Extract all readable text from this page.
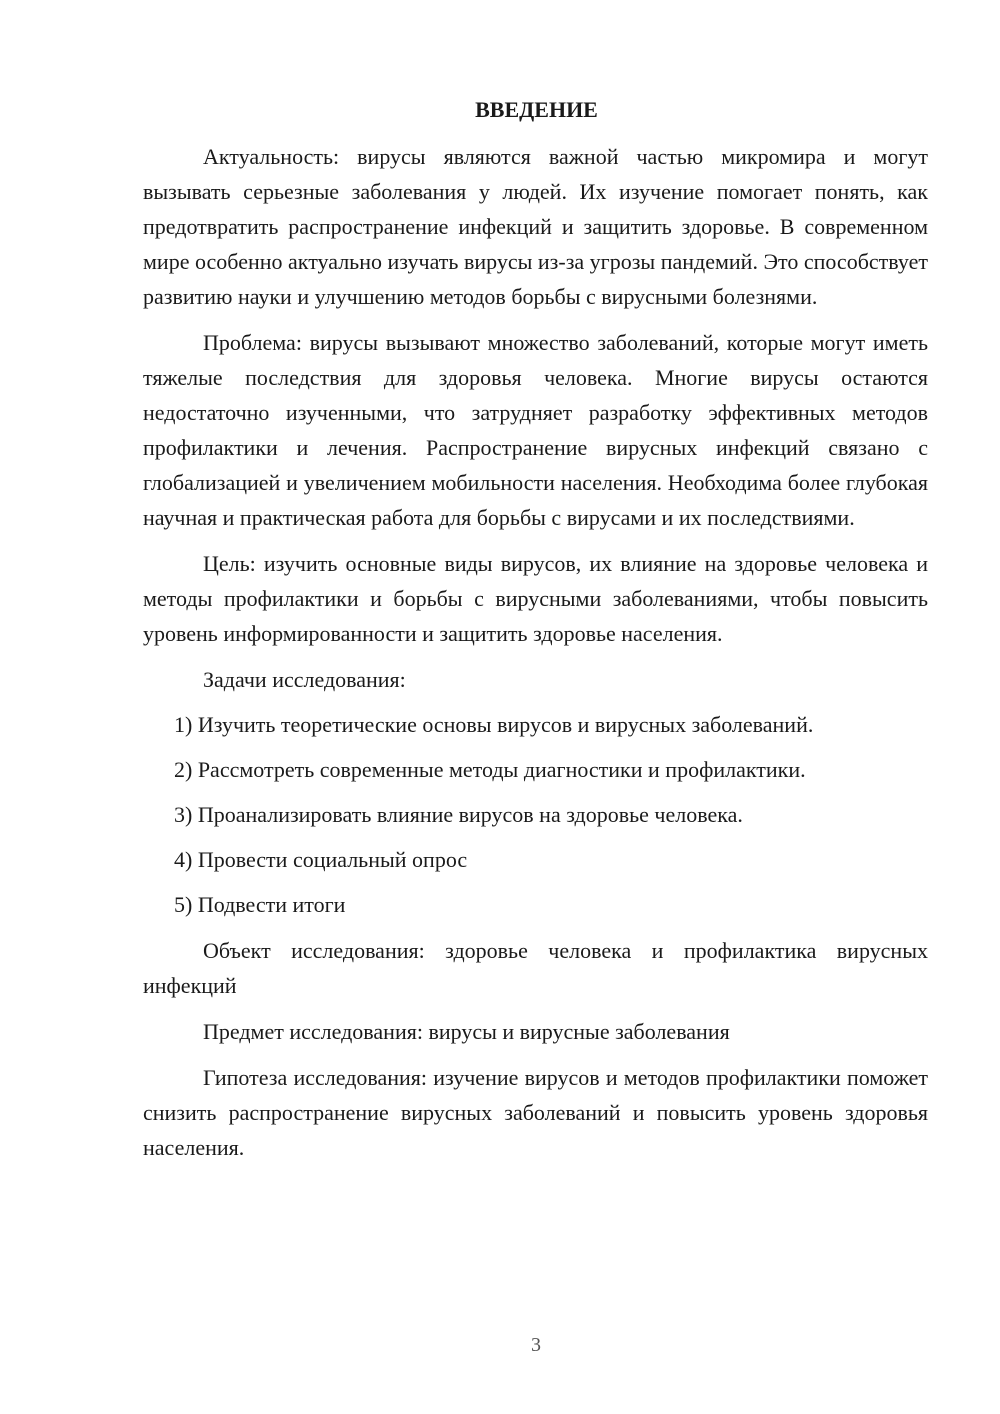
ВВЕДЕНИЕ

Актуальность: вирусы являются важной частью микромира и могут вызывать серьезные заболевания у людей. Их изучение помогает понять, как предотвратить распространение инфекций и защитить здоровье. В современном мире особенно актуально изучать вирусы из-за угрозы пандемий. Это способствует развитию науки и улучшению методов борьбы с вирусными болезнями.

Проблема: вирусы вызывают множество заболеваний, которые могут иметь тяжелые последствия для здоровья человека. Многие вирусы остаются недостаточно изученными, что затрудняет разработку эффективных методов профилактики и лечения. Распространение вирусных инфекций связано с глобализацией и увеличением мобильности населения. Необходима более глубокая научная и практическая работа для борьбы с вирусами и их последствиями.

Цель: изучить основные виды вирусов, их влияние на здоровье человека и методы профилактики и борьбы с вирусными заболеваниями, чтобы повысить уровень информированности и защитить здоровье населения.

Задачи исследования:

1) Изучить теоретические основы вирусов и вирусных заболеваний.
2) Рассмотреть современные методы диагностики и профилактики.
3) Проанализировать влияние вирусов на здоровье человека.
4) Провести социальный опрос
5) Подвести итоги

Объект исследования: здоровье человека и профилактика вирусных инфекций

Предмет исследования: вирусы и вирусные заболевания

Гипотеза исследования: изучение вирусов и методов профилактики поможет снизить распространение вирусных заболеваний и повысить уровень здоровья населения.

3
